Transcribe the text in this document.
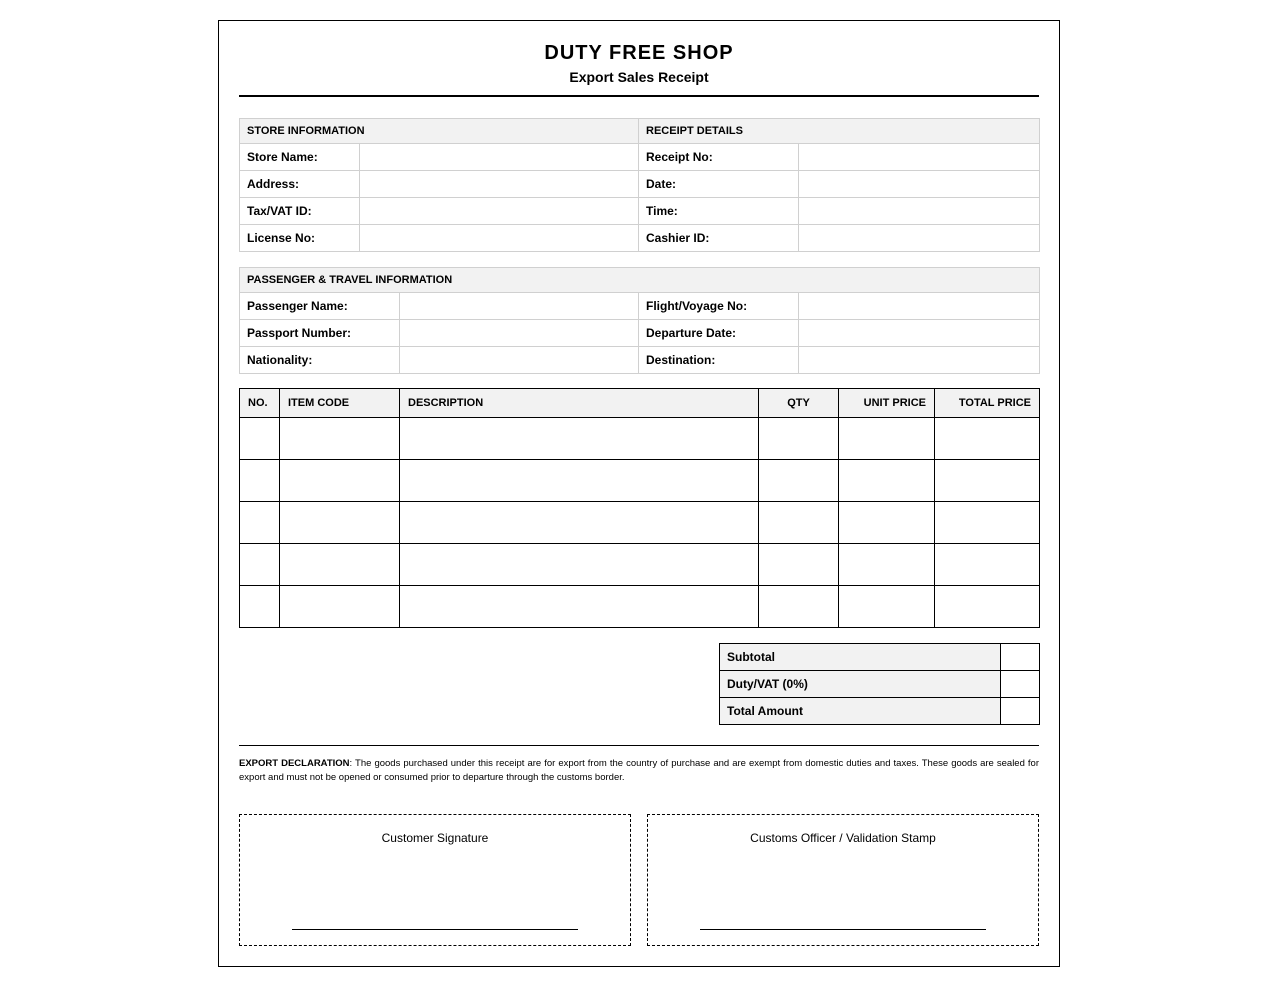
DUTY FREE SHOP
Export Sales Receipt
STORE INFORMATION		RECEIPT DETAILS	
Store Name:		Receipt No:	
Address:		Date:	
Tax/VAT ID:		Time:	
License No:		Cashier ID:	
PASSENGER & TRAVEL INFORMATION			
Passenger Name:		Flight/Voyage No:	
Passport Number:		Departure Date:	
Nationality:		Destination:	
NO.	ITEM CODE	DESCRIPTION	QTY	UNIT PRICE	TOTAL PRICE

Subtotal	
Duty/VAT (0%)	
Total Amount	
EXPORT DECLARATION: The goods purchased under this receipt are for export from the country of purchase and are exempt from domestic duties and taxes. These goods are sealed for export and must not be opened or consumed prior to departure through the customs border.
Customer Signature	Customs Officer / Validation Stamp
